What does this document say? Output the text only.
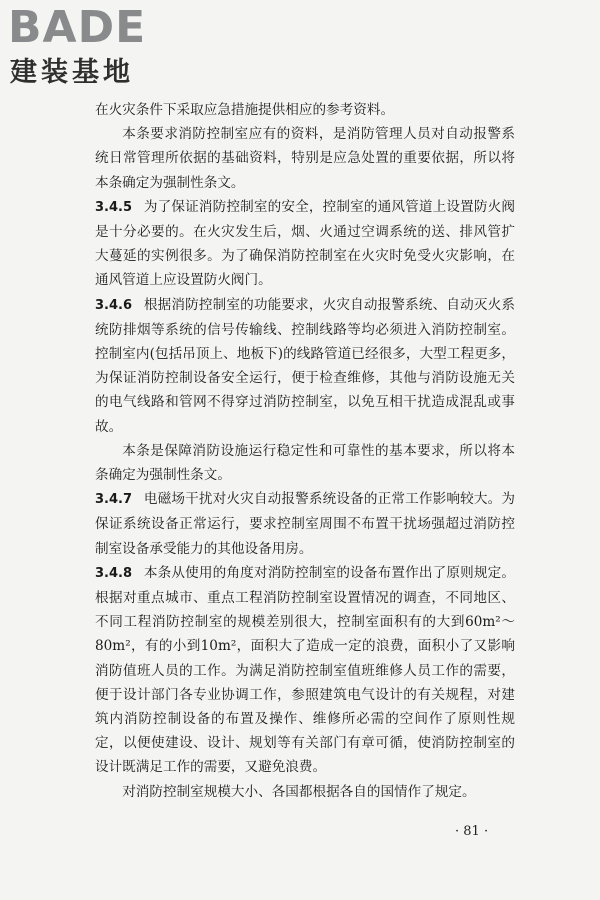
BADE
建装基地

在火灾条件下采取应急措施提供相应的参考资料。

本条要求消防控制室应有的资料，是消防管理人员对自动报警系统日常管理所依据的基础资料，特别是应急处置的重要依据，所以将本条确定为强制性条文。

3.4.5 为了保证消防控制室的安全，控制室的通风管道上设置防火阀是十分必要的。在火灾发生后，烟、火通过空调系统的送、排风管扩大蔓延的实例很多。为了确保消防控制室在火灾时免受火灾影响，在通风管道上应设置防火阀门。

3.4.6 根据消防控制室的功能要求，火灾自动报警系统、自动灭火系统防排烟等系统的信号传输线、控制线路等均必须进入消防控制室。控制室内(包括吊顶上、地板下)的线路管道已经很多，大型工程更多，为保证消防控制设备安全运行，便于检查维修，其他与消防设施无关的电气线路和管网不得穿过消防控制室，以免互相干扰造成混乱或事故。

本条是保障消防设施运行稳定性和可靠性的基本要求，所以将本条确定为强制性条文。

3.4.7 电磁场干扰对火灾自动报警系统设备的正常工作影响较大。为保证系统设备正常运行，要求控制室周围不布置干扰场强超过消防控制室设备承受能力的其他设备用房。

3.4.8 本条从使用的角度对消防控制室的设备布置作出了原则规定。根据对重点城市、重点工程消防控制室设置情况的调查，不同地区、不同工程消防控制室的规模差别很大，控制室面积有的大到60m²～80m²，有的小到10m²，面积大了造成一定的浪费，面积小了又影响消防值班人员的工作。为满足消防控制室值班维修人员工作的需要，便于设计部门各专业协调工作，参照建筑电气设计的有关规程，对建筑内消防控制设备的布置及操作、维修所必需的空间作了原则性规定，以便使建设、设计、规划等有关部门有章可循，使消防控制室的设计既满足工作的需要，又避免浪费。

对消防控制室规模大小、各国都根据各自的国情作了规定。

· 81 ·
